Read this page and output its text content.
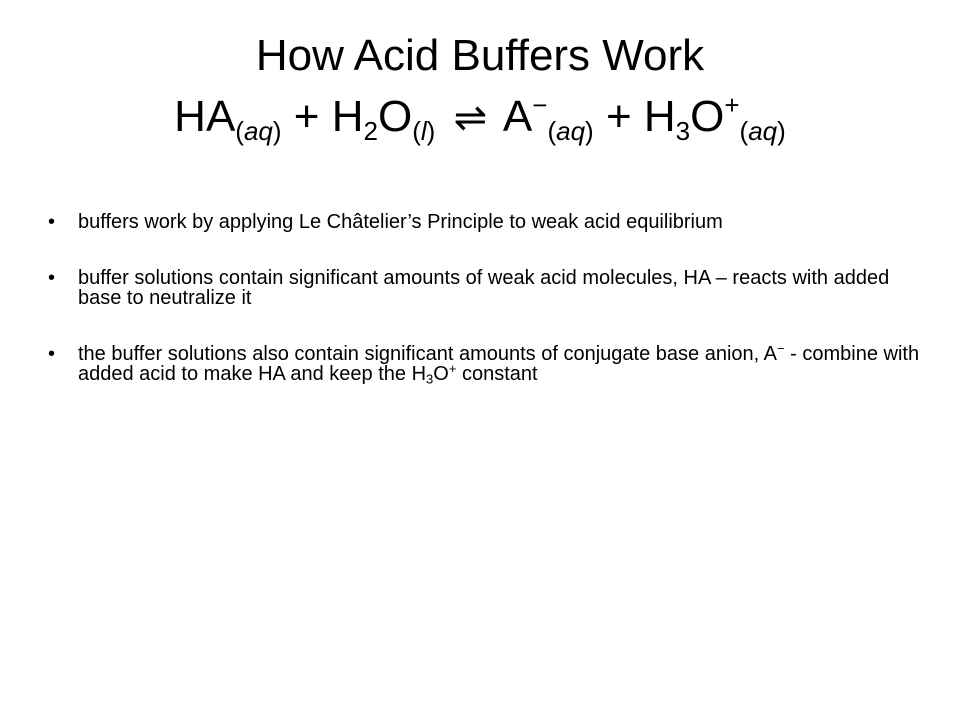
How Acid Buffers Work
$HA_{(aq)} + H_2O_{(l)}$ ⇌ $A^-_{(aq)} + H_3O^+_{(aq)}$
• buffers work by applying Le Châtelier’s Principle to weak acid equilibrium
• buffer solutions contain significant amounts of weak acid molecules, HA – reacts with added base to neutralize it
• the buffer solutions also contain significant amounts of conjugate base anion, A− - combine with added acid to make HA and keep the $H_3O^+$ constant
